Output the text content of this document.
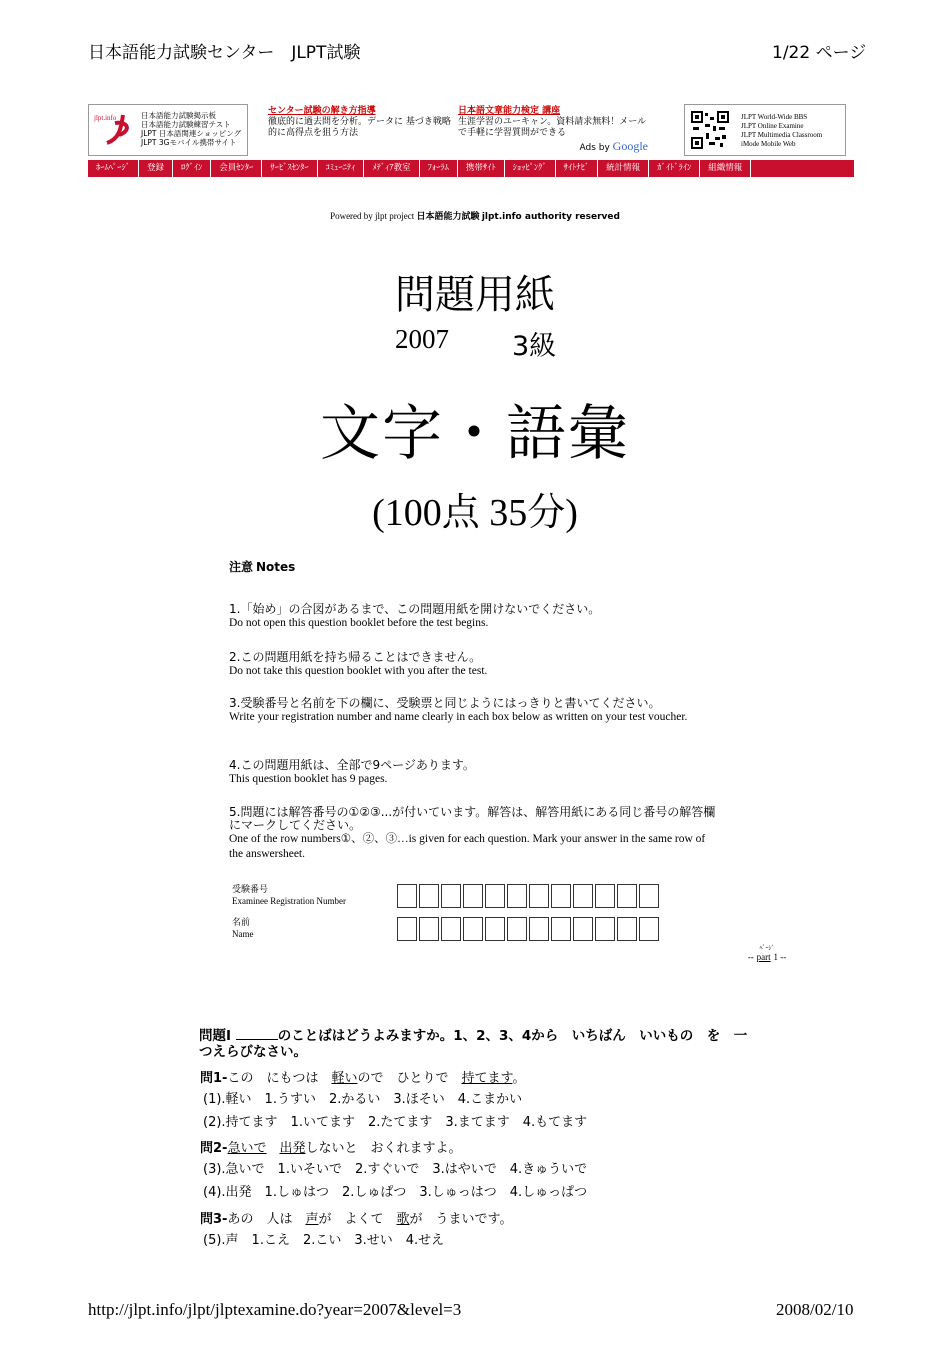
日本語能力試験センター　JLPT試験	1/22 ページ
jlpt.info	日本語能力試験掲示板
日本語能力試験練習テスト
JLPT 日本語関連ショッピング
JLPT 3Gモバイル携帯サイト
センター試験の解き方指導
徹底的に過去問を分析。データに 基づき戦略的に高得点を狙う方法
日本語文章能力検定 講座
生涯学習のユーキャン。資料請求無料！メールで手軽に学習質問ができる
Ads by Google
JLPT World-Wide BBS
JLPT Online Examine
JLPT Multimedia Classroom
iMode Mobile Web
ﾎｰﾑﾍﾟｰｼﾞ	登録	ﾛｸﾞｲﾝ	会員ｾﾝﾀｰ	ｻｰﾋﾞｽｾﾝﾀｰ	ｺﾐｭｰﾆﾃｨ	ﾒﾃﾞｨｱ教室	ﾌｫｰﾗﾑ	携帯ｻｲﾄ	ｼｮｯﾋﾟﾝｸﾞ	ｻｲﾄﾅﾋﾞ	統計情報	ｶﾞｲﾄﾞﾗｲﾝ	組織情報
Powered by jlpt project 日本語能力試験 jlpt.info authority reserved
問題用紙
2007 3級
文字・語彙
(100点 35分)
注意 Notes
1.「始め」の合図があるまで、この問題用紙を開けないでください。
Do not open this question booklet before the test begins.
2.この問題用紙を持ち帰ることはできません。
Do not take this question booklet with you after the test.
3.受験番号と名前を下の欄に、受験票と同じようにはっきりと書いてください。
Write your registration number and name clearly in each box below as written on your test voucher.
4.この問題用紙は、全部で9ページあります。
This question booklet has 9 pages.
5.問題には解答番号の①②③...が付いています。解答は、解答用紙にある同じ番号の解答欄にマークしてください。
One of the row numbers①、②、③…is given for each question. Mark your answer in the same row of the answersheet.
受験番号
Examinee Registration Number
名前
Name
ﾍﾟｰｼﾞ
-- part 1 --
問題Ⅰ	のことばはどうよみますか。1、2、3、4から　いちばん　いいもの　を　一つえらびなさい。
問1-この　にもつは　軽いので　ひとりで　持てます。
(1).軽い　1.うすい　2.かるい　3.ほそい　4.こまかい
(2).持てます　1.いてます　2.たてます　3.まてます　4.もてます
問2-急いで　 出発しないと　おくれますよ。
(3).急いで　1.いそいで　2.すぐいで　3.はやいで　4.きゅういで
(4).出発　1.しゅはつ　2.しゅぱつ　3.しゅっはつ　4.しゅっぱつ
問3-あの　人は　声が　よくて　歌が　うまいです。
(5).声　1.こえ　2.こい　3.せい　4.せえ
http://jlpt.info/jlpt/jlptexamine.do?year=2007&level=3	2008/02/10
